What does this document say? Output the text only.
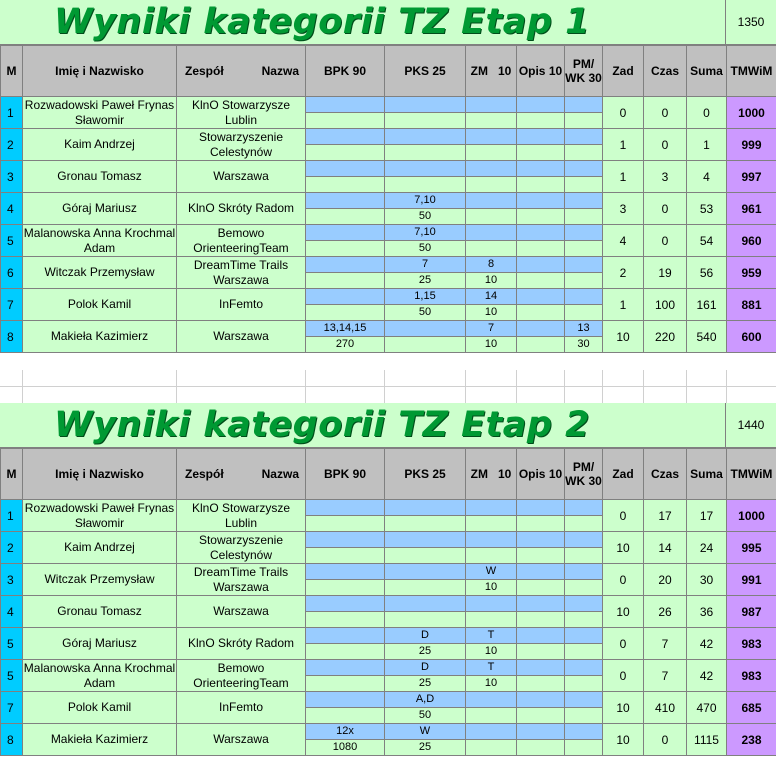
Wyniki kategorii TZ Etap 1	1350
M	Imię i Nazwisko	Zespół Nazwa	BPK 90	PKS 25	ZM   10	Opis 10	PM/ WK 30	Zad	Czas	Suma	TMWiM
1	Rozwadowski Paweł Frynas Sławomir	KlnO Stowarzysze Lublin						0	0	0	1000

2	Kaim Andrzej	Stowarzyszenie Celestynów						1	0	1	999

3	Gronau Tomasz	Warszawa						1	3	4	997

4	Góraj Mariusz	KlnO Skróty Radom		7,10				3	0	53	961
				50							
5	Malanowska Anna Krochmal Adam	Bemowo OrienteeringTeam		7,10				4	0	54	960
				50							
6	Witczak Przemysław	DreamTime Trails Warszawa		7	8			2	19	56	959
				25	10						
7	Polok Kamil	InFemto		1,15	14			1	100	161	881
				50	10						
8	Makieła Kazimierz	Warszawa	13,14,15		7		13	10	220	540	600
			270		10		30				
Wyniki kategorii TZ Etap 2	1440
M	Imię i Nazwisko	Zespół Nazwa	BPK 90	PKS 25	ZM   10	Opis 10	PM/ WK 30	Zad	Czas	Suma	TMWiM
1	Rozwadowski Paweł Frynas Sławomir	KlnO Stowarzysze Lublin						0	17	17	1000

2	Kaim Andrzej	Stowarzyszenie Celestynów						10	14	24	995

3	Witczak Przemysław	DreamTime Trails Warszawa			W			0	20	30	991
					10						
4	Gronau Tomasz	Warszawa						10	26	36	987

5	Góraj Mariusz	KlnO Skróty Radom		D	T			0	7	42	983
				25	10						
5	Malanowska Anna Krochmal Adam	Bemowo OrienteeringTeam		D	T			0	7	42	983
				25	10						
7	Polok Kamil	InFemto		A,D				10	410	470	685
				50							
8	Makieła Kazimierz	Warszawa	12x	W				10	0	1115	238
			1080	25							
